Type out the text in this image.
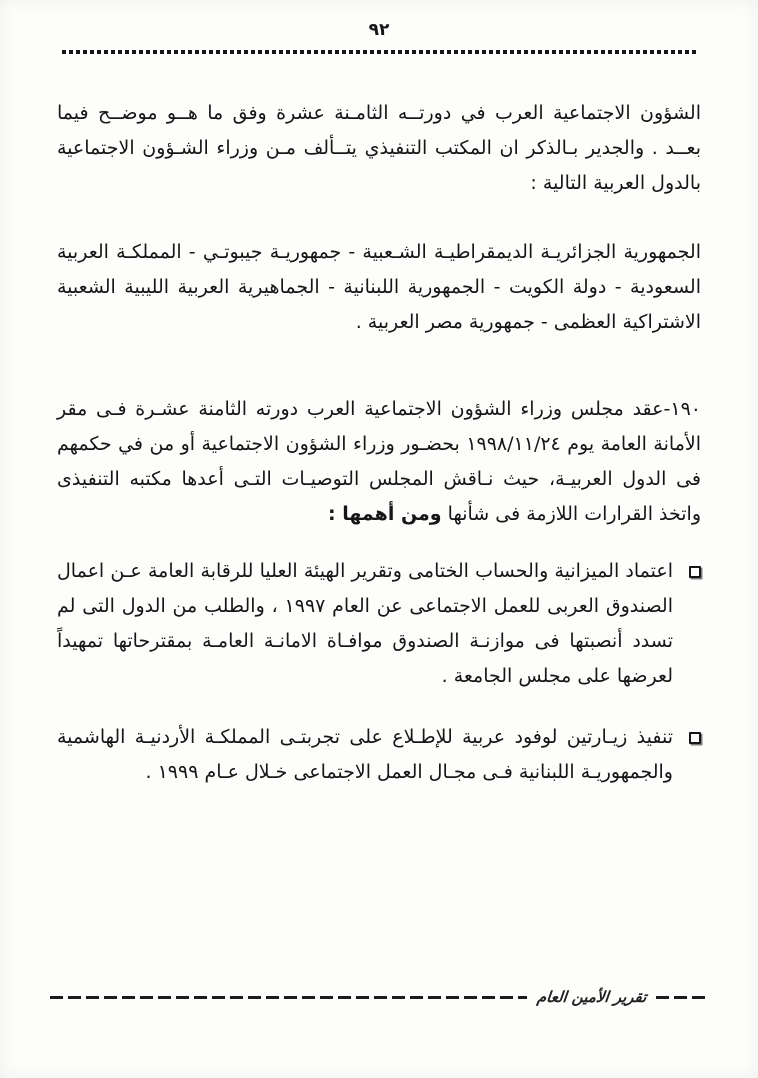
٩٢

الشؤون الاجتماعية العرب في دورتــه الثامـنة عشرة وفق ما هــو موضــح فيما بعــد . والجدير بـالذكر ان المكتب التنفيذي يتــألف مـن وزراء الشـؤون الاجتماعية بالدول العربية التالية :

الجمهورية الجزائريـة الديمقراطيـة الشـعبية - جمهوريـة جيبوتـي - المملكـة العربية السعودية - دولة الكويت - الجمهورية اللبنانية - الجماهيرية العربية الليبية الشعبية الاشتراكية العظمى - جمهورية مصر العربية .

١٩٠-عقد مجلس وزراء الشؤون الاجتماعية العرب دورته الثامنة عشـرة فـى مقر الأمانة العامة يوم ١٩٩٨/١١/٢٤ بحضـور وزراء الشؤون الاجتماعية أو من في حكمهم فى الدول العربيـة، حيث نـاقش المجلس التوصيـات التـى أعدها مكتبه التنفيذى واتخذ القرارات اللازمة فى شأنها ومن أهمها :

اعتماد الميزانية والحساب الختامى وتقرير الهيئة العليا للرقابة العامة عـن اعمال الصندوق العربى للعمل الاجتماعى عن العام ١٩٩٧ ، والطلب من الدول التى لم تسدد أنصبتها فى موازنـة الصندوق موافـاة الامانـة العامـة بمقترحاتها تمهيداً لعرضها على مجلس الجامعة .

تنفيذ زيـارتين لوفود عربية للإطـلاع على تجربتـى المملكـة الأردنيـة الهاشمية والجمهوريـة اللبنانية فـى مجـال العمل الاجتماعى خـلال عـام ١٩٩٩ .

تقرير الأمين العام
